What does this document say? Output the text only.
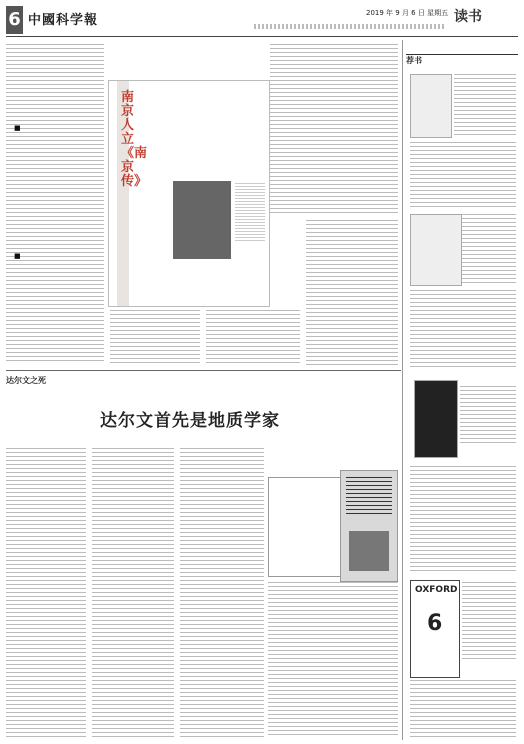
6 中國科学報	2019 年 9 月 6 日 星期五 读书
■
■
南京人立《南京传》
达尔文之死
达尔文首先是地质学家

荐书
OXFORD
6
